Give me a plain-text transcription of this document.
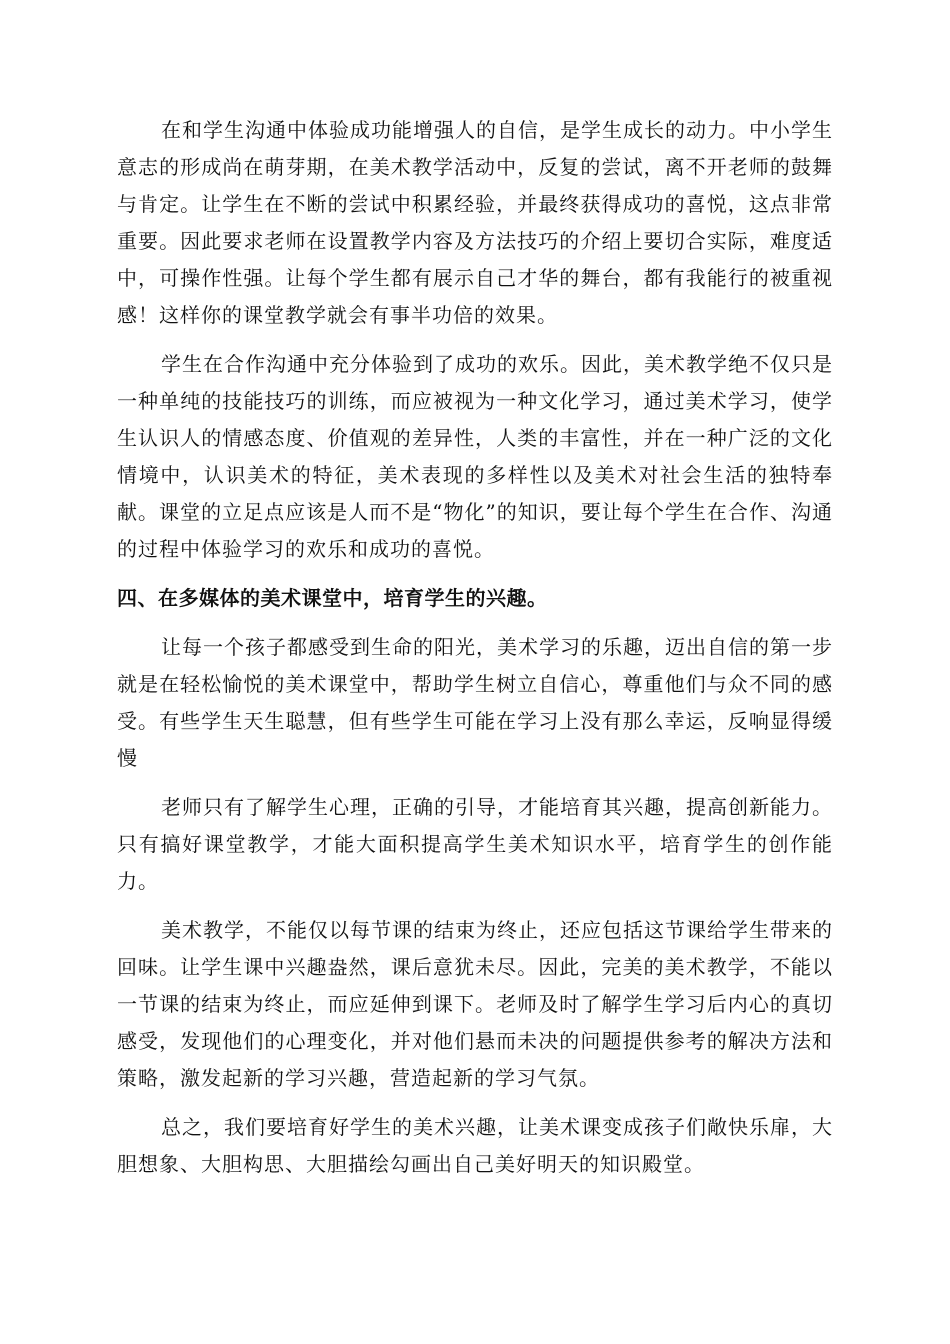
在和学生沟通中体验成功能增强人的自信，是学生成长的动力。中小学生意志的形成尚在萌芽期，在美术教学活动中，反复的尝试，离不开老师的鼓舞与肯定。让学生在不断的尝试中积累经验，并最终获得成功的喜悦，这点非常重要。因此要求老师在设置教学内容及方法技巧的介绍上要切合实际，难度适中，可操作性强。让每个学生都有展示自己才华的舞台，都有我能行的被重视感！这样你的课堂教学就会有事半功倍的效果。

学生在合作沟通中充分体验到了成功的欢乐。因此，美术教学绝不仅只是一种单纯的技能技巧的训练，而应被视为一种文化学习，通过美术学习，使学生认识人的情感态度、价值观的差异性，人类的丰富性，并在一种广泛的文化情境中，认识美术的特征，美术表现的多样性以及美术对社会生活的独特奉献。课堂的立足点应该是人而不是“物化”的知识，要让每个学生在合作、沟通的过程中体验学习的欢乐和成功的喜悦。

四、在多媒体的美术课堂中，培育学生的兴趣。

让每一个孩子都感受到生命的阳光，美术学习的乐趣，迈出自信的第一步就是在轻松愉悦的美术课堂中，帮助学生树立自信心，尊重他们与众不同的感受。有些学生天生聪慧，但有些学生可能在学习上没有那么幸运，反响显得缓慢

老师只有了解学生心理，正确的引导，才能培育其兴趣，提高创新能力。只有搞好课堂教学，才能大面积提高学生美术知识水平，培育学生的创作能力。

美术教学，不能仅以每节课的结束为终止，还应包括这节课给学生带来的回味。让学生课中兴趣盎然，课后意犹未尽。因此，完美的美术教学，不能以一节课的结束为终止，而应延伸到课下。老师及时了解学生学习后内心的真切感受，发现他们的心理变化，并对他们悬而未决的问题提供参考的解决方法和策略，激发起新的学习兴趣，营造起新的学习气氛。

总之，我们要培育好学生的美术兴趣，让美术课变成孩子们敞快乐扉，大胆想象、大胆构思、大胆描绘勾画出自己美好明天的知识殿堂。
